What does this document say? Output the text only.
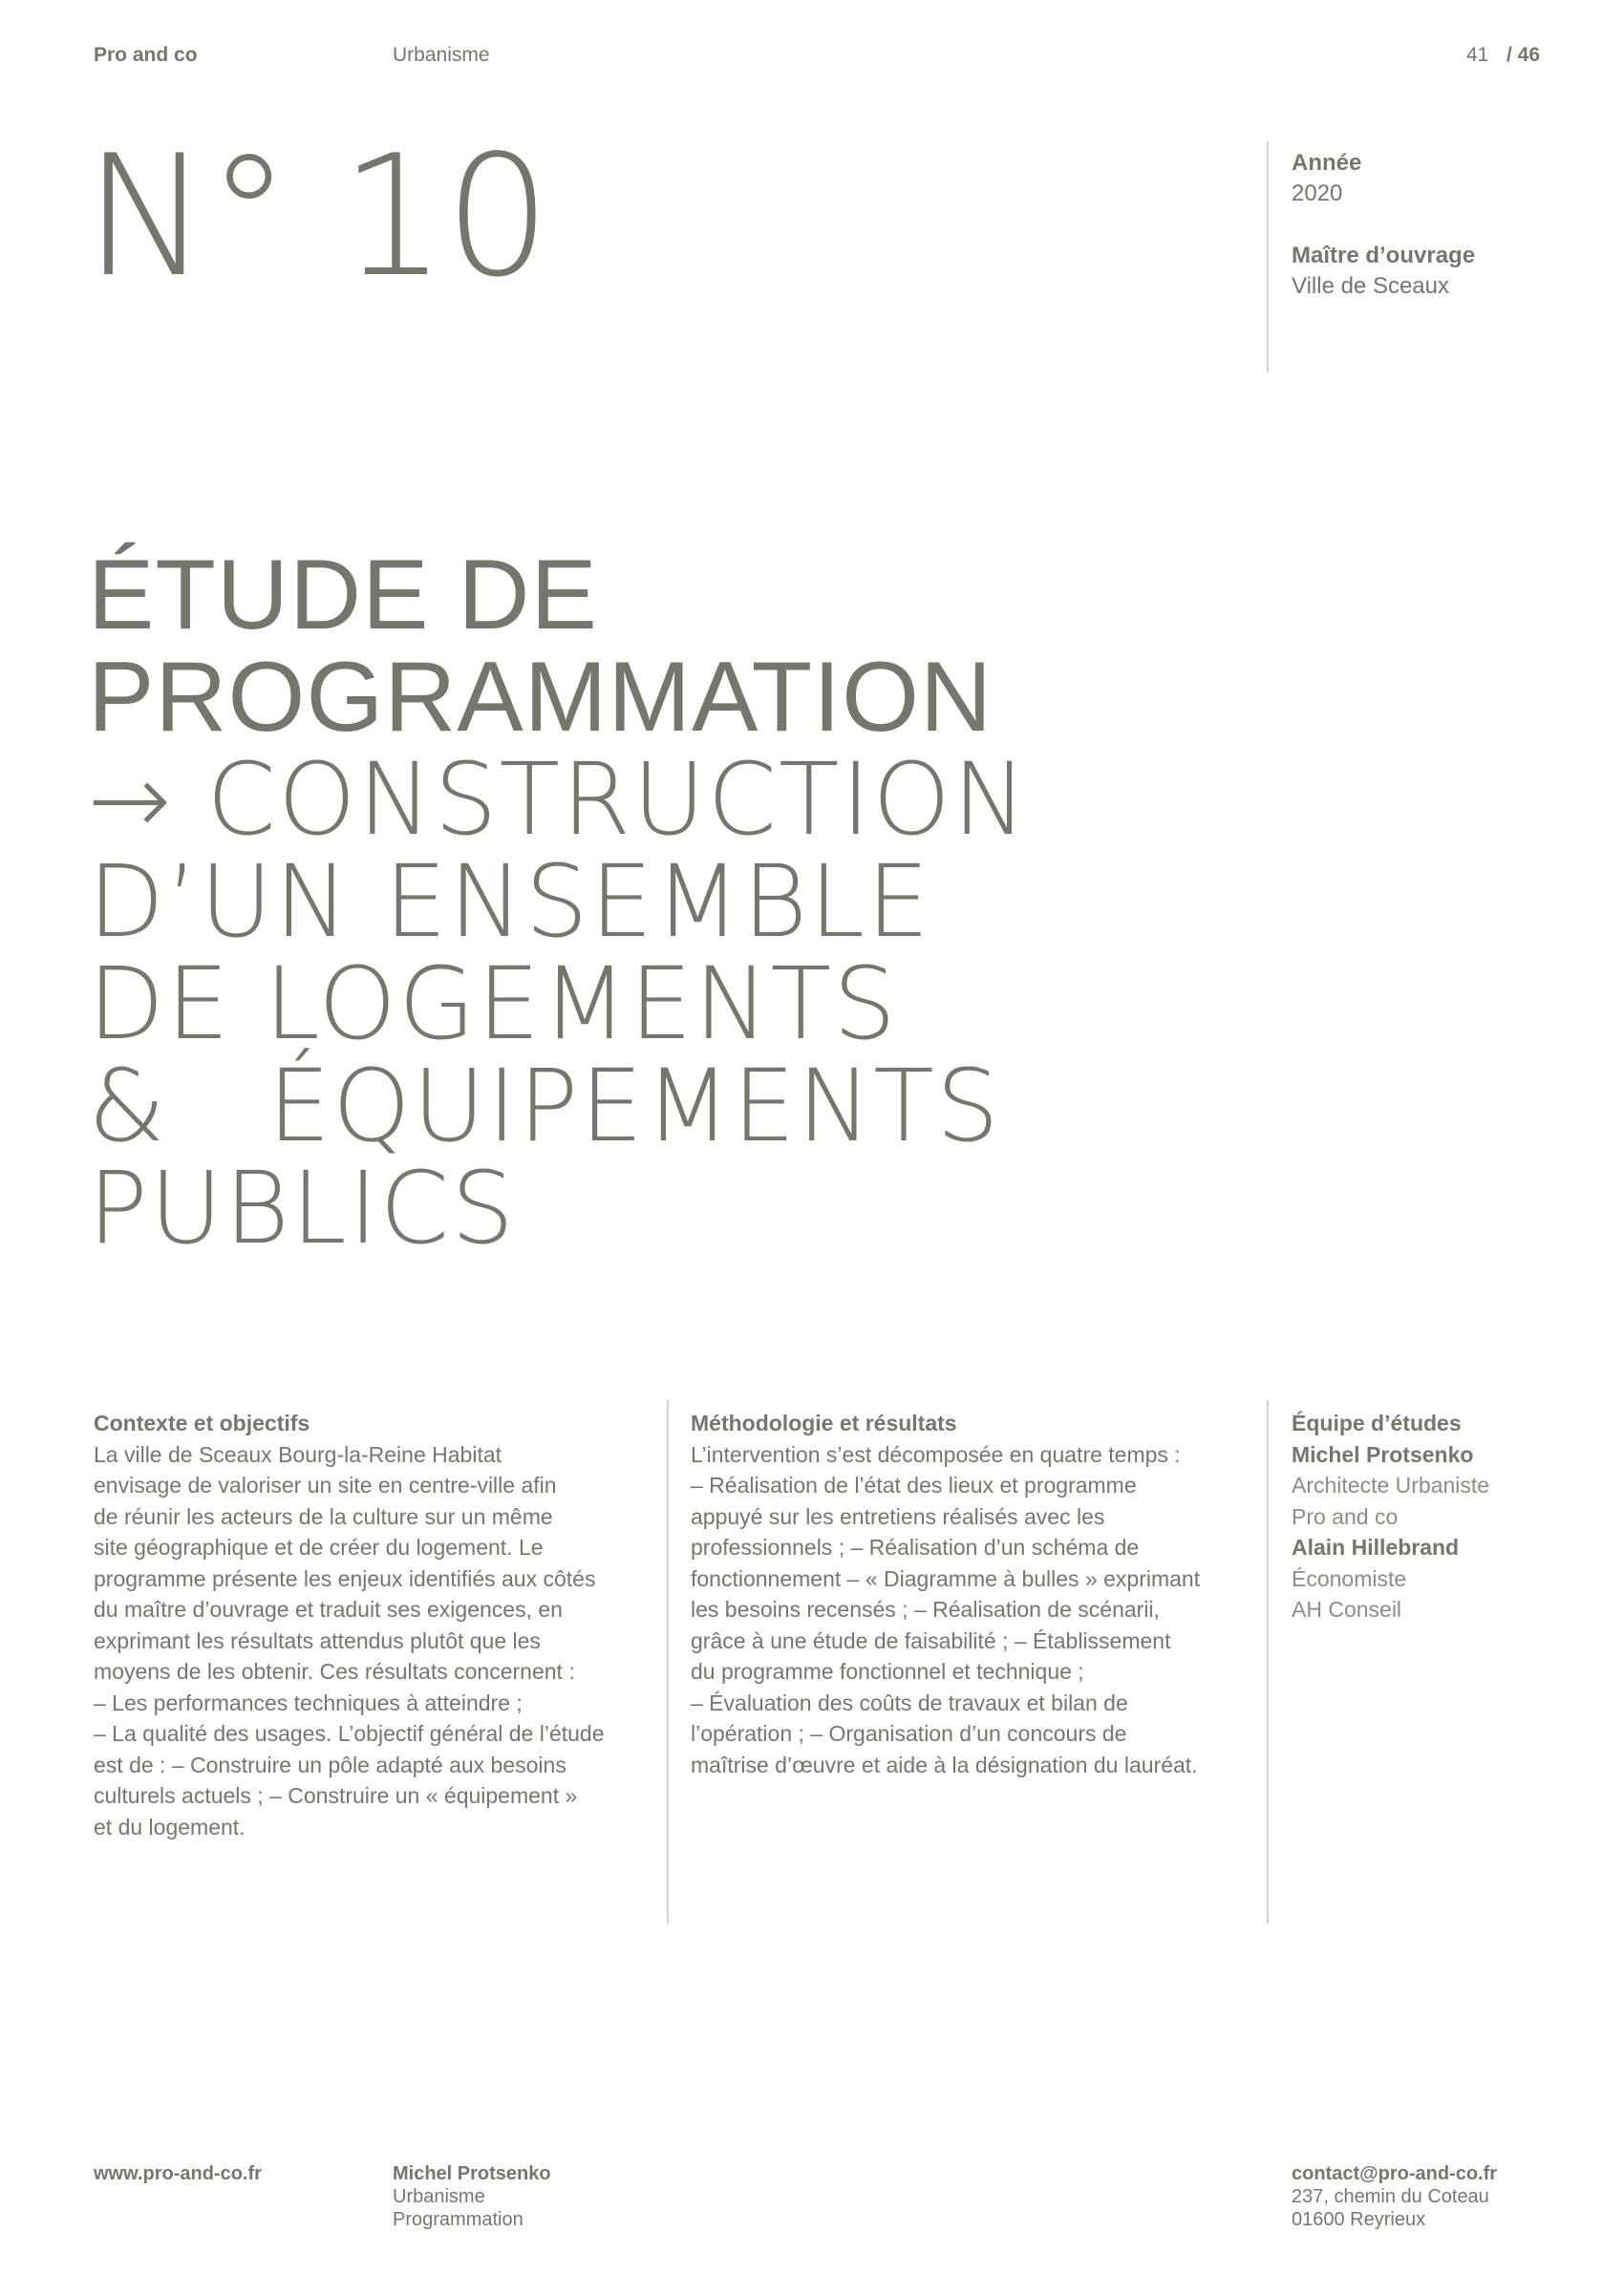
Pro and co	Urbanisme	41 / 46
N° 10	Année
2020
Maître d’ouvrage
Ville de Sceaux
ÉTUDE DE
PROGRAMMATION
→ CONSTRUCTION
D’UN ENSEMBLE
DE LOGEMENTS
&   ÉQUIPEMENTS
PUBLICS
Contexte et objectifs
La ville de Sceaux Bourg-la-Reine Habitat
envisage de valoriser un site en centre-ville afin
de réunir les acteurs de la culture sur un même
site géographique et de créer du logement. Le
programme présente les enjeux identifiés aux côtés
du maître d’ouvrage et traduit ses exigences, en
exprimant les résultats attendus plutôt que les
moyens de les obtenir. Ces résultats concernent :
– Les performances techniques à atteindre ;
– La qualité des usages. L’objectif général de l’étude
est de : – Construire un pôle adapté aux besoins
culturels actuels ; – Construire un « équipement »
et du logement.
Méthodologie et résultats
L’intervention s’est décomposée en quatre temps :
– Réalisation de l’état des lieux et programme
appuyé sur les entretiens réalisés avec les
professionnels ; – Réalisation d’un schéma de
fonctionnement – « Diagramme à bulles » exprimant
les besoins recensés ; – Réalisation de scénarii,
grâce à une étude de faisabilité ; – Établissement
du programme fonctionnel et technique ;
– Évaluation des coûts de travaux et bilan de
l’opération ; – Organisation d’un concours de
maîtrise d’œuvre et aide à la désignation du lauréat.
Équipe d’études
Michel Protsenko
Architecte Urbaniste
Pro and co
Alain Hillebrand
Économiste
AH Conseil
www.pro-and-co.fr	Michel Protsenko
Urbanisme
Programmation
contact@pro-and-co.fr
237, chemin du Coteau
01600 Reyrieux
